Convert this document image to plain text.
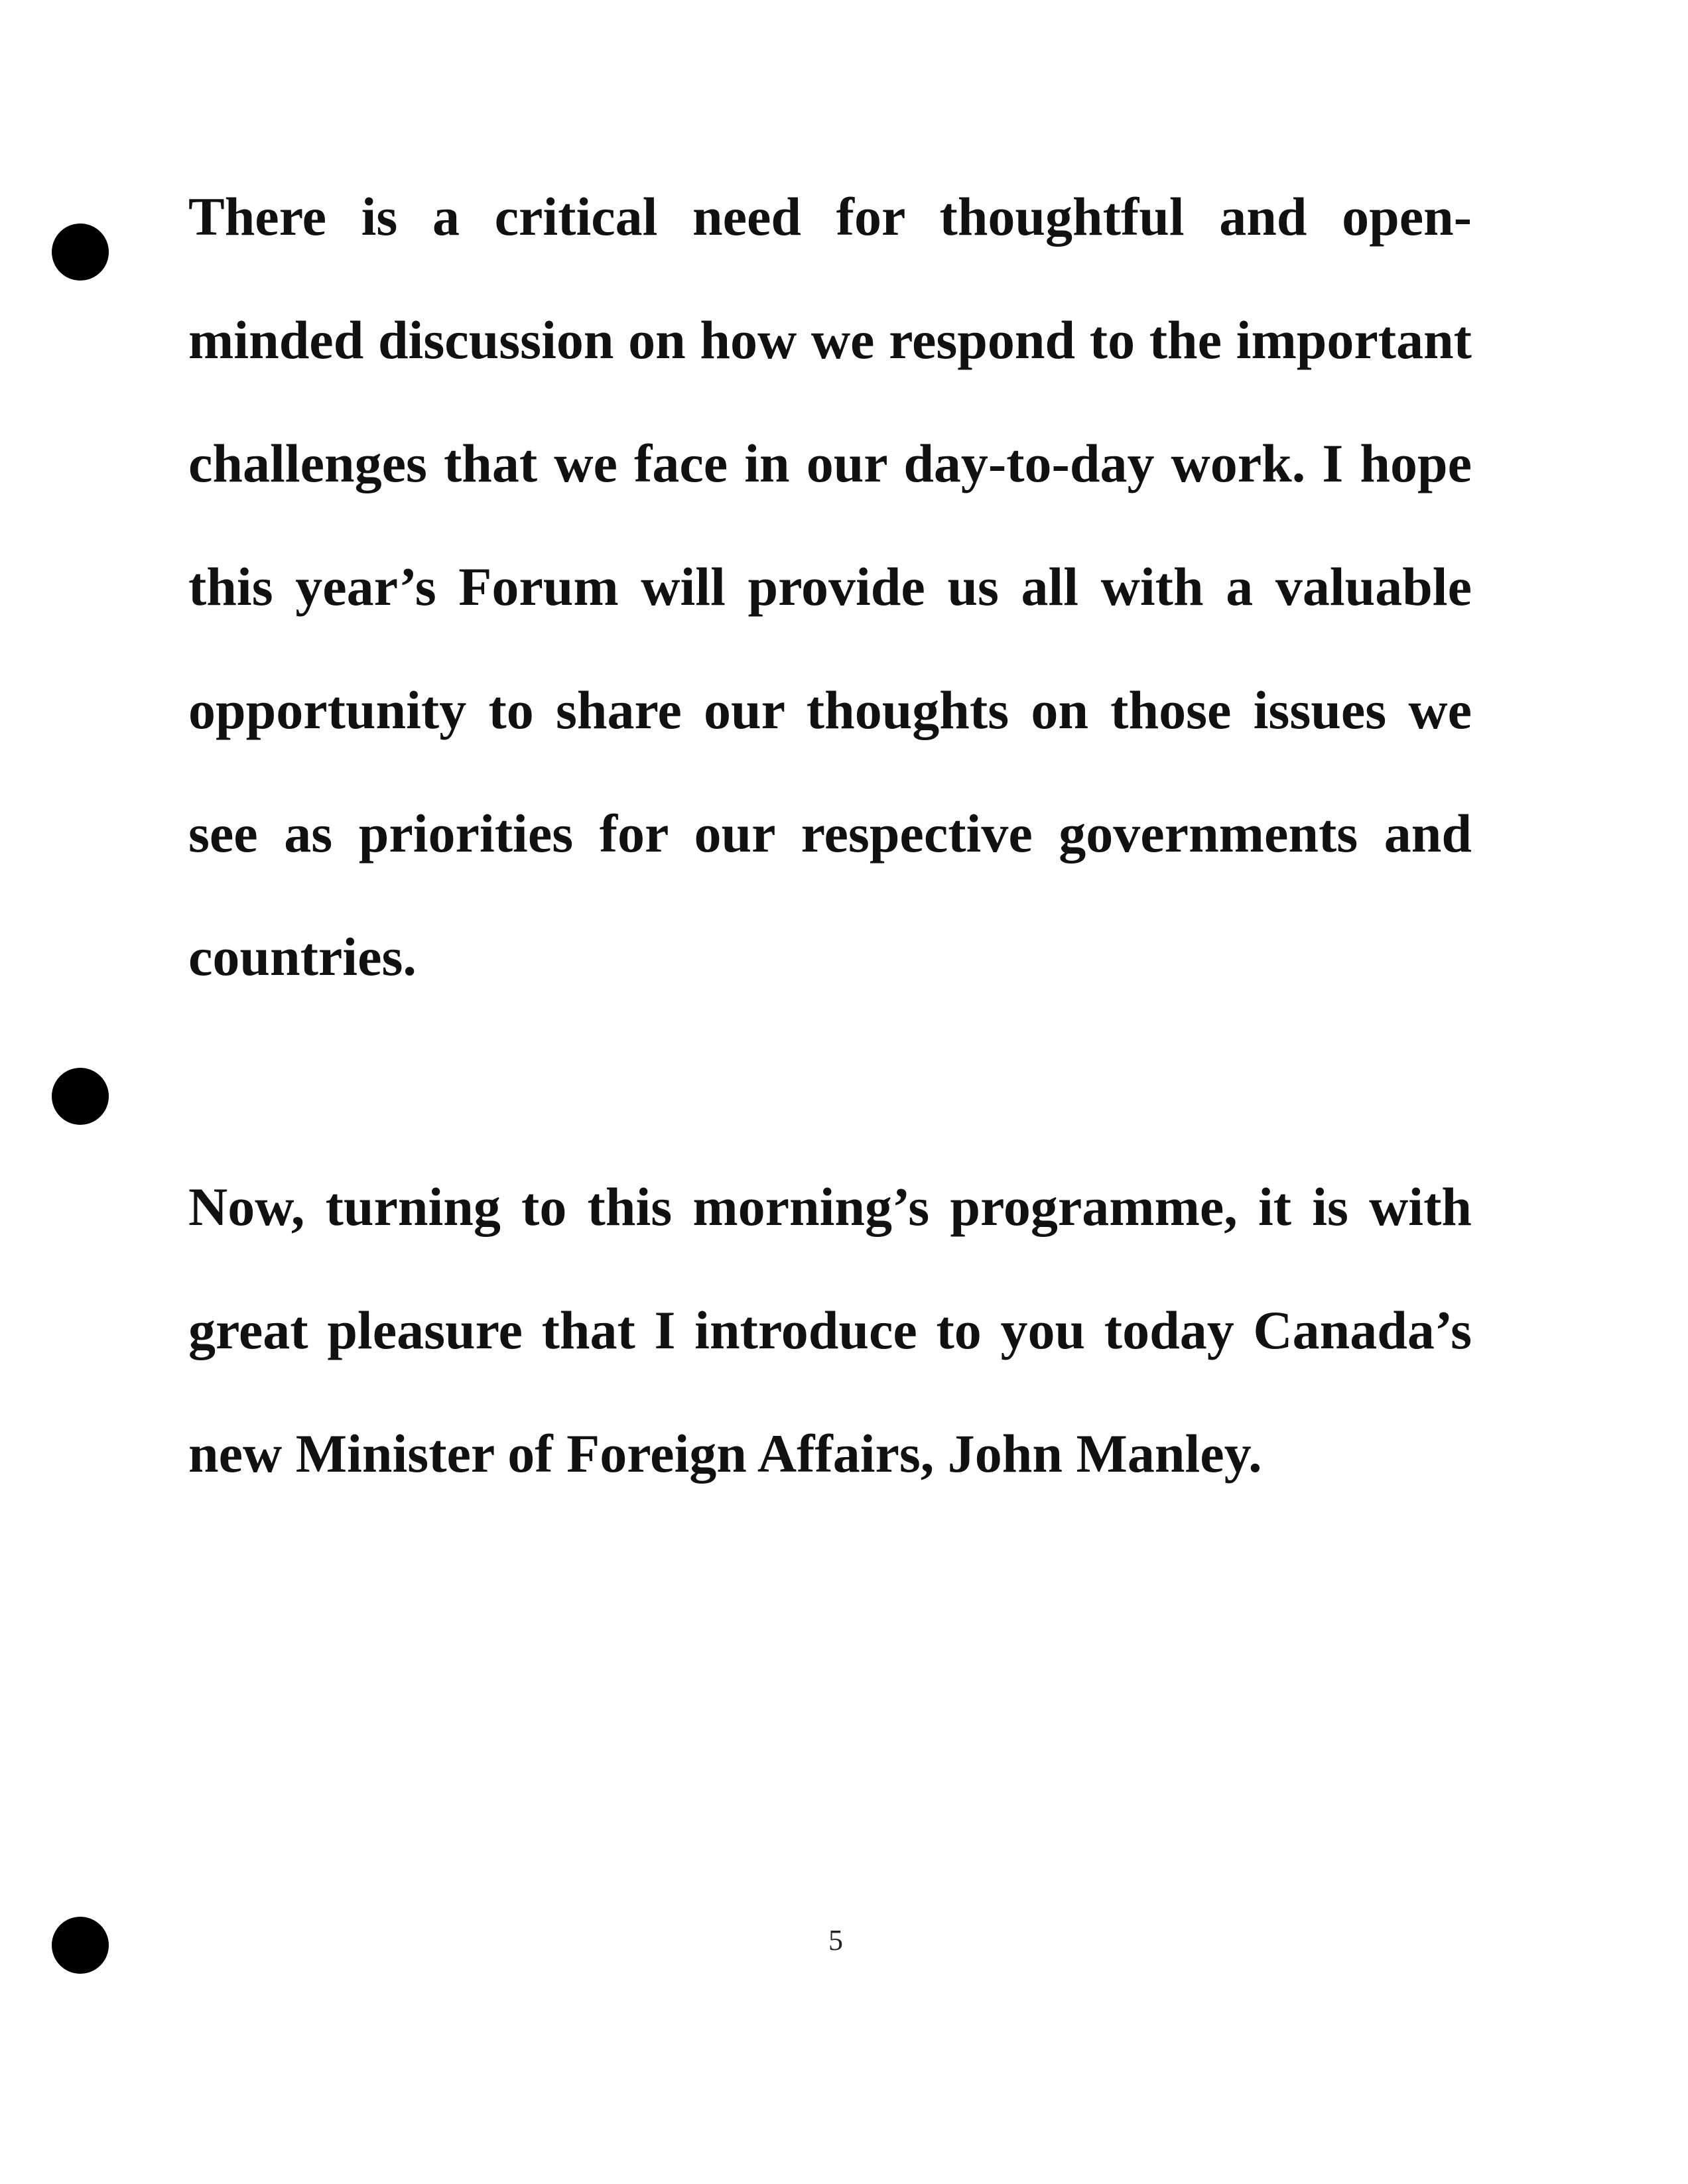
There is a critical need for thoughtful and open-minded discussion on how we respond to the important challenges that we face in our day-to-day work. I hope this year’s Forum will provide us all with a valuable opportunity to share our thoughts on those issues we see as priorities for our respective governments and countries.

Now, turning to this morning’s programme, it is with great pleasure that I introduce to you today Canada’s new Minister of Foreign Affairs, John Manley.

5
